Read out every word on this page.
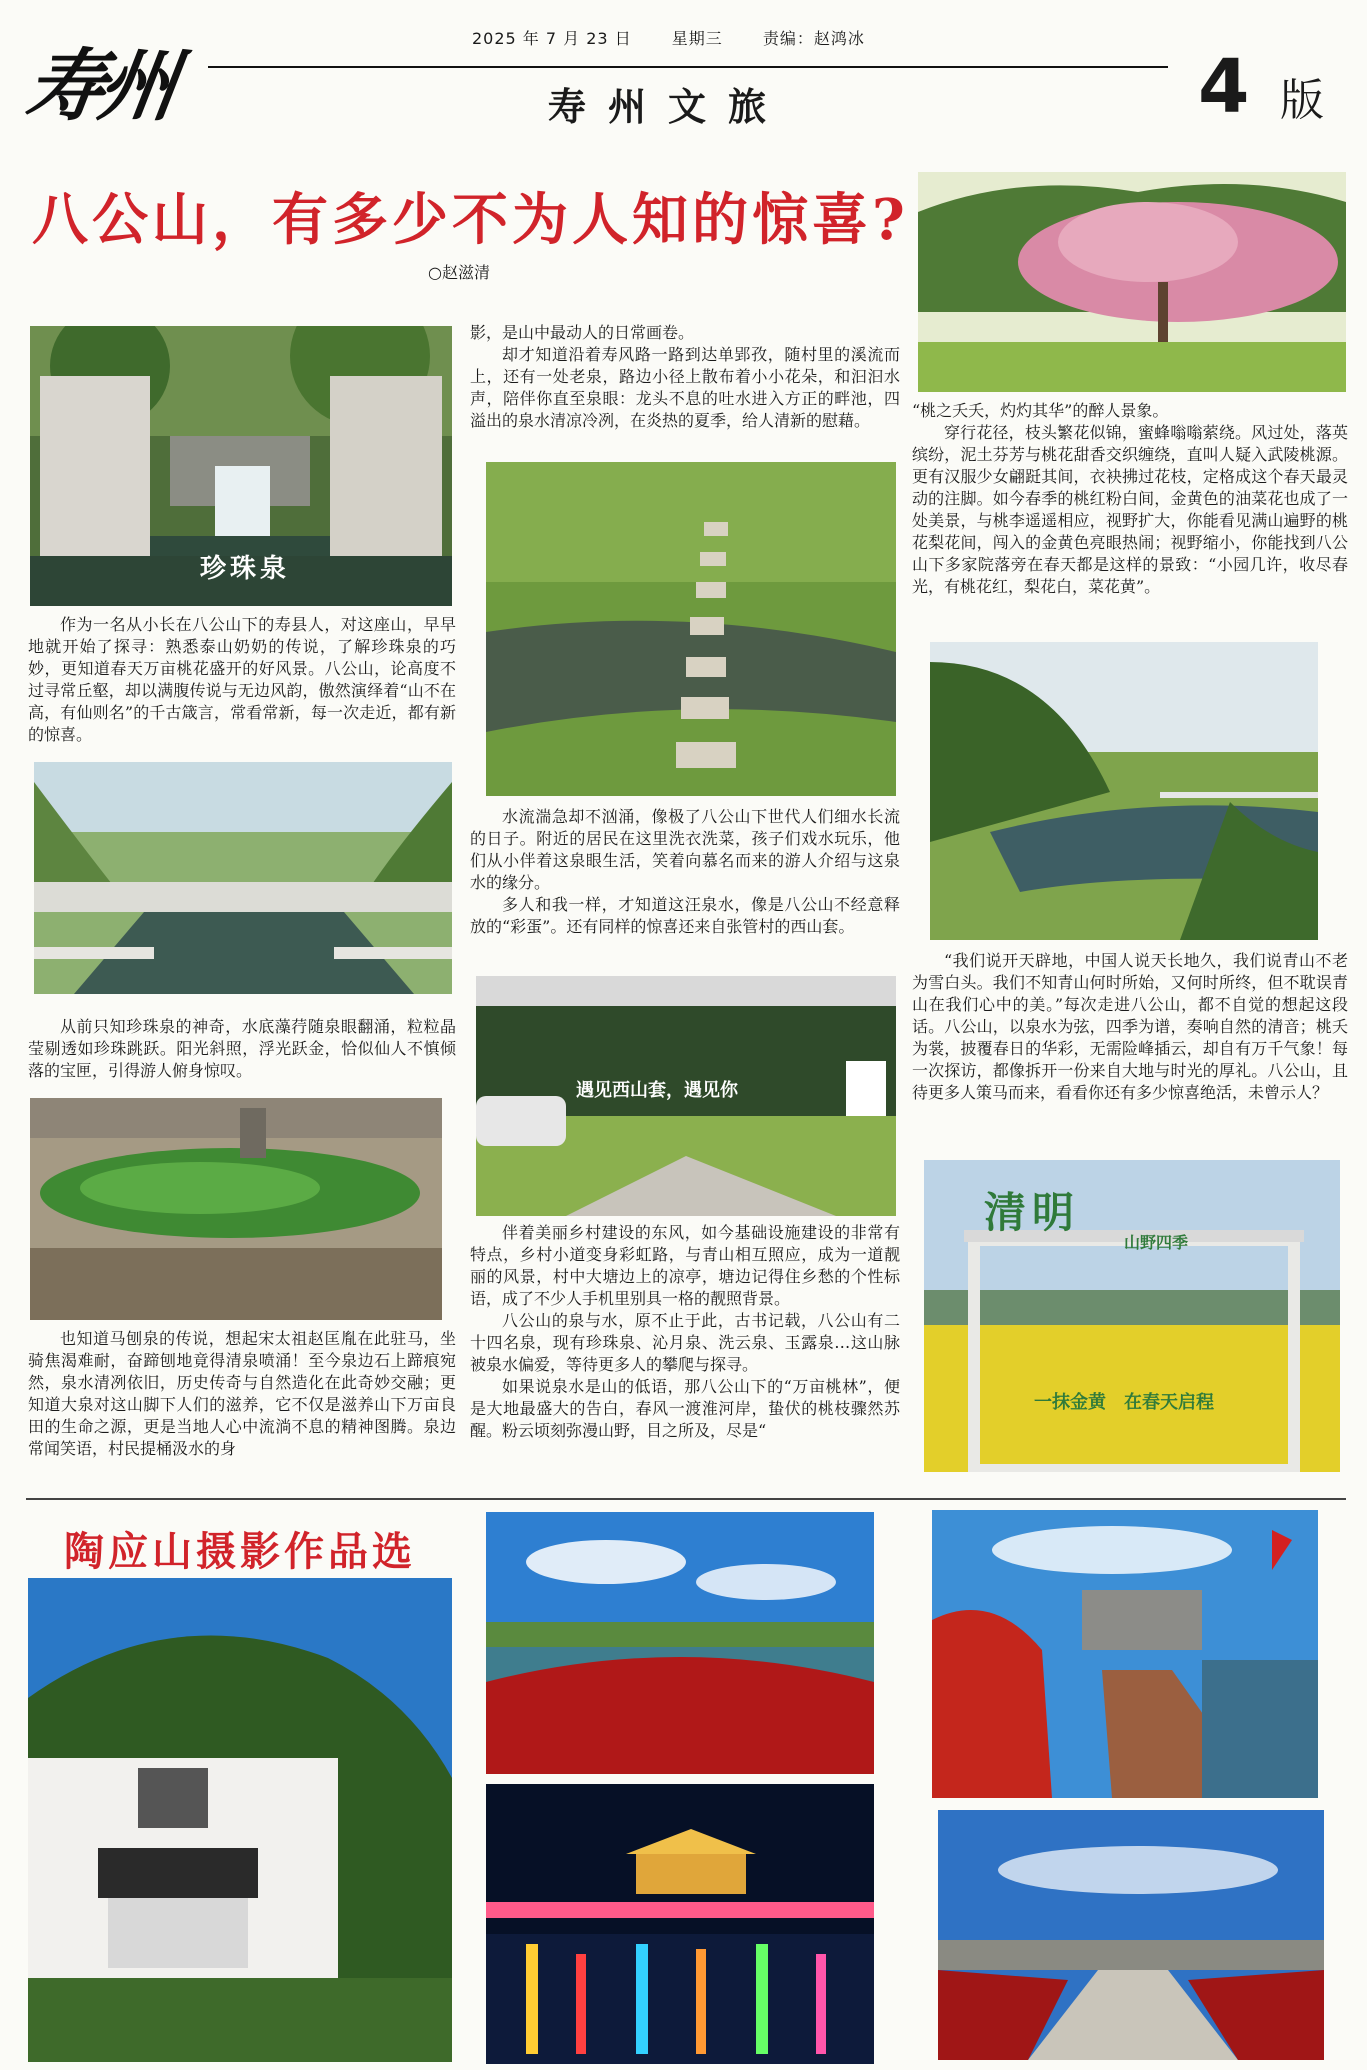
寿州
2025 年 7 月 23 日	星期三	责编：赵鸿冰
寿州文旅	4 版
八公山，有多少不为人知的惊喜?
○赵滋清
珍珠泉

作为一名从小长在八公山下的寿县人，对这座山，早早地就开始了探寻：熟悉泰山奶奶的传说，了解珍珠泉的巧妙，更知道春天万亩桃花盛开的好风景。八公山，论高度不过寻常丘壑，却以满腹传说与无边风韵，傲然演绎着“山不在高，有仙则名”的千古箴言，常看常新，每一次走近，都有新的惊喜。

从前只知珍珠泉的神奇，水底藻荇随泉眼翻涌，粒粒晶莹剔透如珍珠跳跃。阳光斜照，浮光跃金，恰似仙人不慎倾落的宝匣，引得游人俯身惊叹。

也知道马刨泉的传说，想起宋太祖赵匡胤在此驻马，坐骑焦渴难耐，奋蹄刨地竟得清泉喷涌！至今泉边石上蹄痕宛然，泉水清冽依旧，历史传奇与自然造化在此奇妙交融；更知道大泉对这山脚下人们的滋养，它不仅是滋养山下万亩良田的生命之源，更是当地人心中流淌不息的精神图腾。泉边常闻笑语，村民提桶汲水的身

影，是山中最动人的日常画卷。

却才知道沿着寿风路一路到达单郢孜，随村里的溪流而上，还有一处老泉，路边小径上散布着小小花朵，和汩汩水声，陪伴你直至泉眼：龙头不息的吐水进入方正的畔池，四溢出的泉水清凉冷冽，在炎热的夏季，给人清新的慰藉。

水流湍急却不汹涌，像极了八公山下世代人们细水长流的日子。附近的居民在这里洗衣洗菜，孩子们戏水玩乐，他们从小伴着这泉眼生活，笑着向慕名而来的游人介绍与这泉水的缘分。

多人和我一样，才知道这汪泉水，像是八公山不经意释放的“彩蛋”。还有同样的惊喜还来自张管村的西山套。

遇见西山套，遇见你

伴着美丽乡村建设的东风，如今基础设施建设的非常有特点，乡村小道变身彩虹路，与青山相互照应，成为一道靓丽的风景，村中大塘边上的凉亭，塘边记得住乡愁的个性标语，成了不少人手机里别具一格的靓照背景。

八公山的泉与水，原不止于此，古书记载，八公山有二十四名泉，现有珍珠泉、沁月泉、洗云泉、玉露泉…这山脉被泉水偏爱，等待更多人的攀爬与探寻。

如果说泉水是山的低语，那八公山下的“万亩桃林”，便是大地最盛大的告白，春风一渡淮河岸，蛰伏的桃枝骤然苏醒。粉云顷刻弥漫山野，目之所及，尽是“

“桃之夭夭，灼灼其华”的醉人景象。

穿行花径，枝头繁花似锦，蜜蜂嗡嗡萦绕。风过处，落英缤纷，泥土芬芳与桃花甜香交织缠绕，直叫人疑入武陵桃源。更有汉服少女翩跹其间，衣袂拂过花枝，定格成这个春天最灵动的注脚。如今春季的桃红粉白间，金黄色的油菜花也成了一处美景，与桃李遥遥相应，视野扩大，你能看见满山遍野的桃花梨花间，闯入的金黄色亮眼热闹；视野缩小，你能找到八公山下多家院落旁在春天都是这样的景致：“小园几许，收尽春光，有桃花红，梨花白，菜花黄”。

“我们说开天辟地，中国人说天长地久，我们说青山不老为雪白头。我们不知青山何时所始，又何时所终，但不耽误青山在我们心中的美。”每次走进八公山，都不自觉的想起这段话。八公山，以泉水为弦，四季为谱，奏响自然的清音；桃夭为裳，披覆春日的华彩，无需险峰插云，却自有万千气象！每一次探访，都像拆开一份来自大地与时光的厚礼。八公山，且待更多人策马而来，看看你还有多少惊喜绝活，未曾示人？

清明
山野四季
一抹金黄　在春天启程
陶应山摄影作品选
